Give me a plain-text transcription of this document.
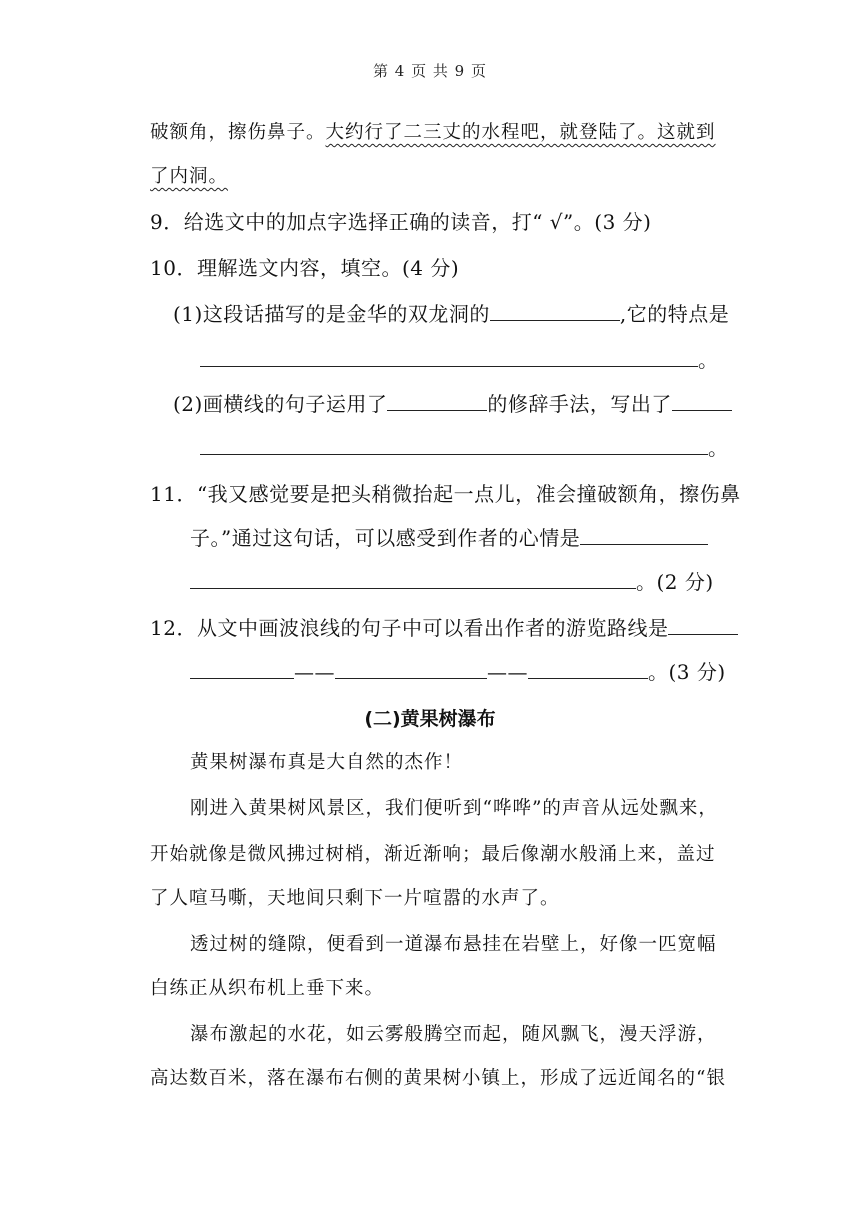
第 4 页 共 9 页
破额角，擦伤鼻子。大约行了二三丈的水程吧，就登陆了。这就到
了内洞。
9．给选文中的加点字选择正确的读音，打“ √”。(3 分)
10．理解选文内容，填空。(4 分)
(1)这段话描写的是金华的双龙洞的	,它的特点是
。
(2)画横线的句子运用了	的修辞手法，写出了
。
11．“我又感觉要是把头稍微抬起一点儿，准会撞破额角，擦伤鼻
子。”通过这句话，可以感受到作者的心情是
。(2 分)
12．从文中画波浪线的句子中可以看出作者的游览路线是
——	——	。(3 分)
(二)黄果树瀑布
黄果树瀑布真是大自然的杰作！
刚进入黄果树风景区，我们便听到“哗哗”的声音从远处飘来，
开始就像是微风拂过树梢，渐近渐响；最后像潮水般涌上来，盖过
了人喧马嘶，天地间只剩下一片喧嚣的水声了。
透过树的缝隙，便看到一道瀑布悬挂在岩壁上，好像一匹宽幅
白练正从织布机上垂下来。
瀑布激起的水花，如云雾般腾空而起，随风飘飞，漫天浮游，
高达数百米，落在瀑布右侧的黄果树小镇上，形成了远近闻名的“银
